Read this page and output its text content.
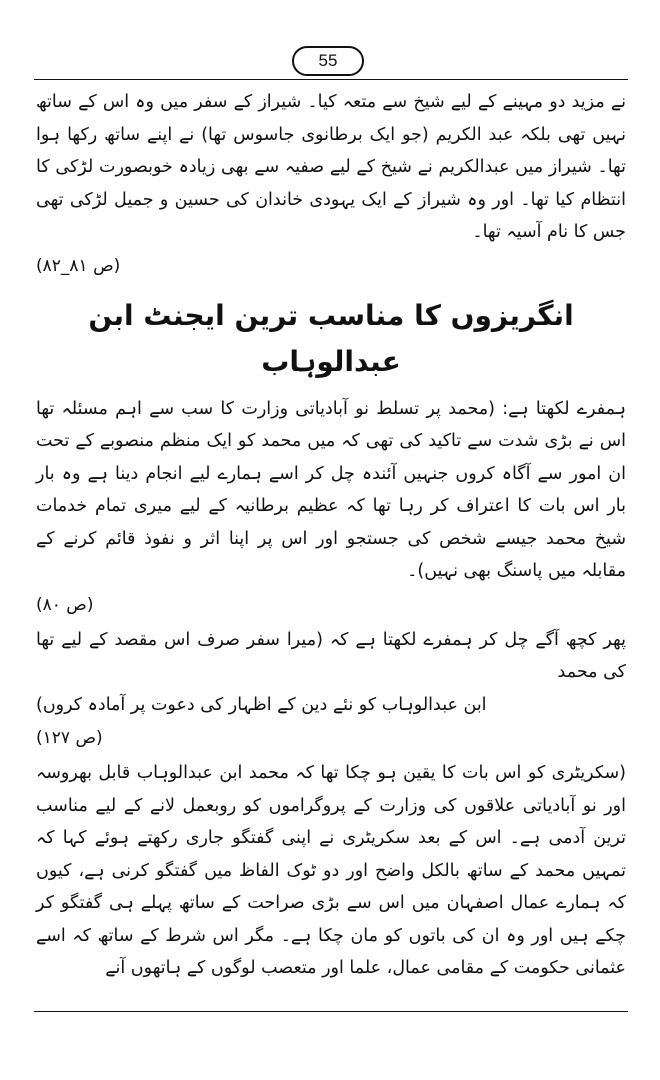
55

نے مزید دو مہینے کے لیے شیخ سے متعہ کیا۔ شیراز کے سفر میں وہ اس کے ساتھ نہیں تھی بلکہ عبد الکریم (جو ایک برطانوی جاسوس تھا) نے اپنے ساتھ رکھا ہوا تھا۔ شیراز میں عبدالکریم نے شیخ کے لیے صفیہ سے بھی زیادہ خوبصورت لڑکی کا انتظام کیا تھا۔ اور وہ شیراز کے ایک یہودی خاندان کی حسین و جمیل لڑکی تھی جس کا نام آسیہ تھا۔

(ص ۸۱_۸۲)

انگریزوں کا مناسب ترین ایجنٹ ابن عبدالوہاب

ہمفرے لکھتا ہے: (محمد پر تسلط نو آبادیاتی وزارت کا سب سے اہم مسئلہ تھا اس نے بڑی شدت سے تاکید کی تھی کہ میں محمد کو ایک منظم منصوبے کے تحت ان امور سے آگاہ کروں جنہیں آئندہ چل کر اسے ہمارے لیے انجام دینا ہے وہ بار بار اس بات کا اعتراف کر رہا تھا کہ عظیم برطانیہ کے لیے میری تمام خدمات شیخ محمد جیسے شخص کی جستجو اور اس پر اپنا اثر و نفوذ قائم کرنے کے مقابلہ میں پاسنگ بھی نہیں)۔

(ص ۸۰)

پھر کچھ آگے چل کر ہمفرے لکھتا ہے کہ (میرا سفر صرف اس مقصد کے لیے تھا کی محمد

ابن عبدالوہاب کو نئے دین کے اظہار کی دعوت پر آمادہ کروں)

(ص ۱۲۷)

(سکریٹری کو اس بات کا یقین ہو چکا تھا کہ محمد ابن عبدالوہاب قابل بھروسہ اور نو آبادیاتی علاقوں کی وزارت کے پروگراموں کو روبعمل لانے کے لیے مناسب ترین آدمی ہے۔ اس کے بعد سکریٹری نے اپنی گفتگو جاری رکھتے ہوئے کہا کہ تمہیں محمد کے ساتھ بالکل واضح اور دو ٹوک الفاظ میں گفتگو کرنی ہے، کیوں کہ ہمارے عمال اصفہان میں اس سے بڑی صراحت کے ساتھ پہلے ہی گفتگو کر چکے ہیں اور وہ ان کی باتوں کو مان چکا ہے۔ مگر اس شرط کے ساتھ کہ اسے عثمانی حکومت کے مقامی عمال، علما اور متعصب لوگوں کے ہاتھوں آنے
